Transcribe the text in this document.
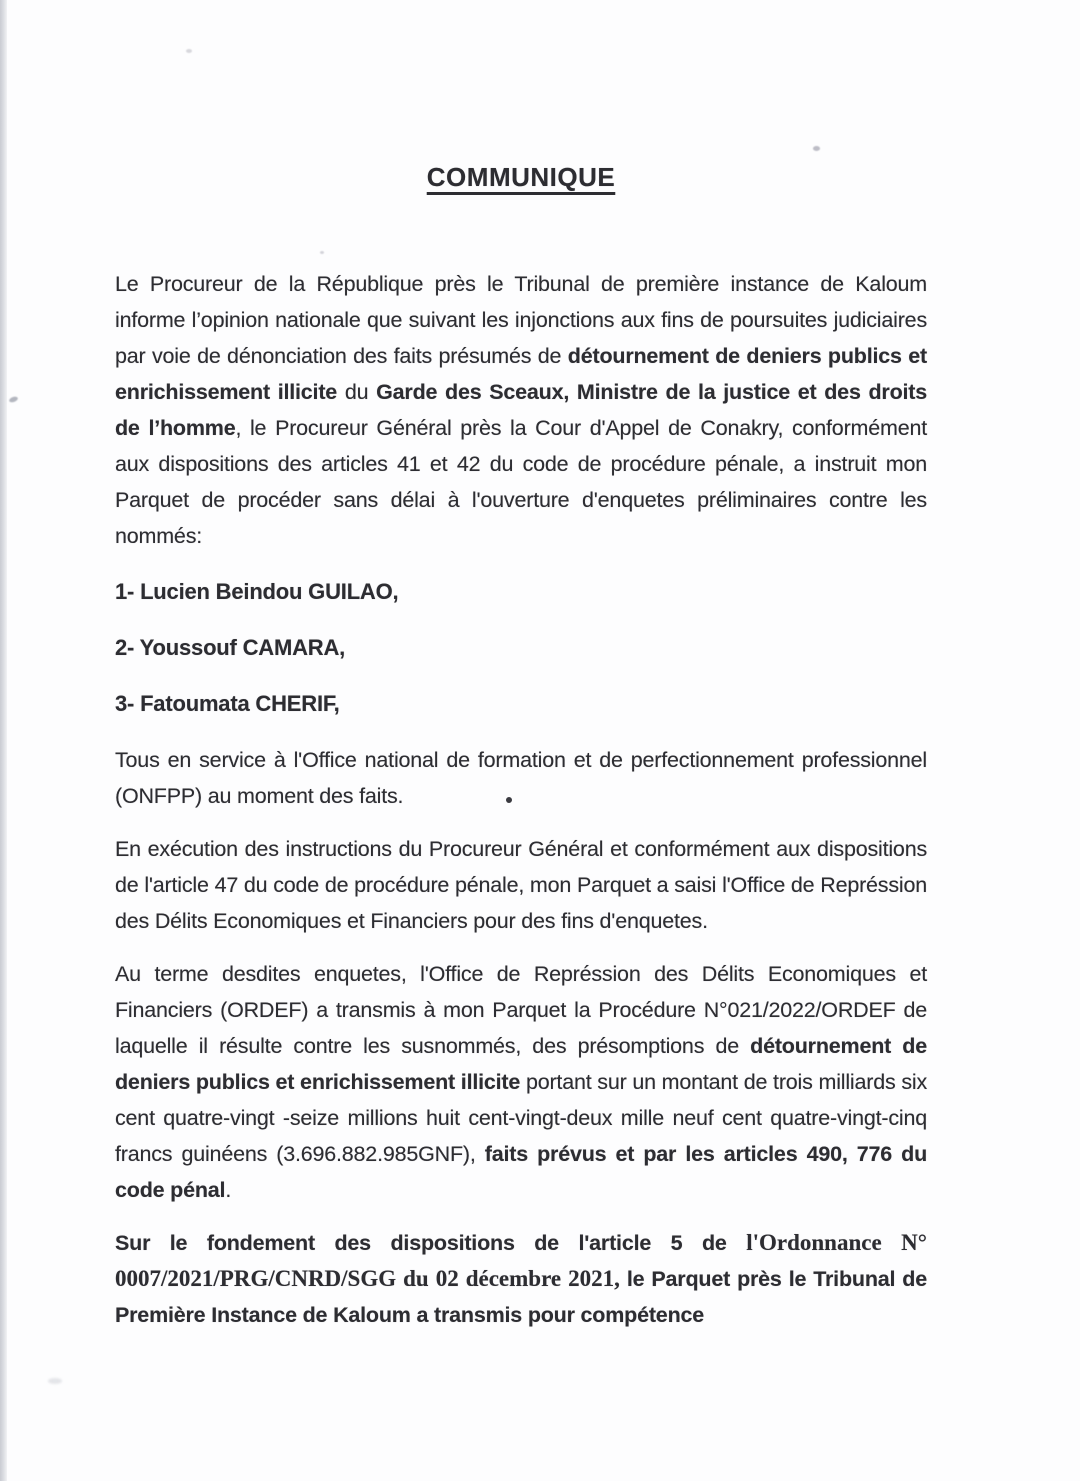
COMMUNIQUE

Le Procureur de la République près le Tribunal de première instance de Kaloum informe l’opinion nationale que suivant les injonctions aux fins de poursuites judiciaires par voie de dénonciation des faits présumés de détournement de deniers publics et enrichissement illicite du Garde des Sceaux, Ministre de la justice et des droits de l’homme, le Procureur Général près la Cour d'Appel de Conakry, conformément aux dispositions des articles 41 et 42 du code de procédure pénale, a instruit mon Parquet de procéder sans délai à l'ouverture d'enquetes préliminaires contre les nommés:

1- Lucien Beindou GUILAO,

2- Youssouf CAMARA,

3- Fatoumata CHERIF,

Tous en service à l'Office national de formation et de perfectionnement professionnel (ONFPP) au moment des faits.

En exécution des instructions du Procureur Général et conformément aux dispositions de l'article 47 du code de procédure pénale, mon Parquet a saisi l'Office de Représsion des Délits Economiques et Financiers pour des fins d'enquetes.

Au terme desdites enquetes, l'Office de Représsion des Délits Economiques et Financiers (ORDEF) a transmis à mon Parquet la Procédure N°021/2022/ORDEF de laquelle il résulte contre les susnommés, des présomptions de détournement de deniers publics et enrichissement illicite portant sur un montant de trois milliards six cent quatre-vingt -seize millions huit cent-vingt-deux mille neuf cent quatre-vingt-cinq francs guinéens (3.696.882.985GNF), faits prévus et par les articles 490, 776 du code pénal.

Sur le fondement des dispositions de l'article 5 de l'Ordonnance N° 0007/2021/PRG/CNRD/SGG du 02 décembre 2021, le Parquet près le Tribunal de Première Instance de Kaloum a transmis pour compétence
